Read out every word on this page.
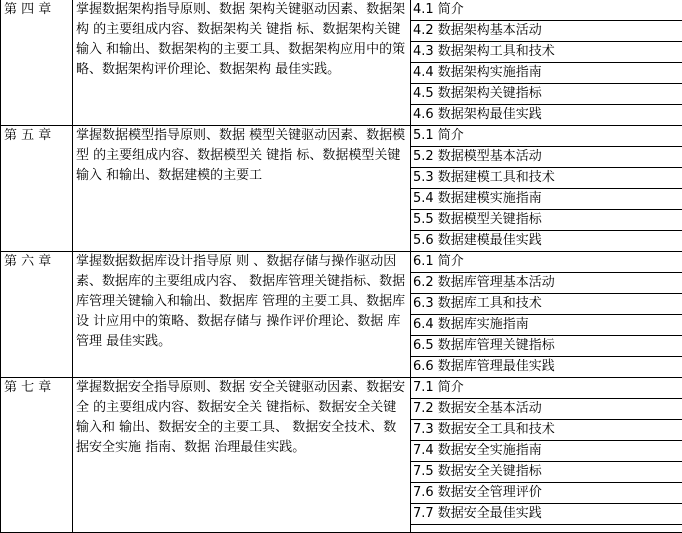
第 四 章	掌握数据架构指导原则、数据 架构关键驱动因素、数据架构 的主要组成内容、数据架构关 键指 标、数据架构关键输入 和输出、数据架构的主要工具、数据架构应用中的策略、数据架构评价理论、数据架构 最佳实践。	4.1 简介
		4.2 数据架构基本活动
		4.3 数据架构工具和技术
		4.4 数据架构实施指南
		4.5 数据架构关键指标
		4.6 数据架构最佳实践
第 五 章	掌握数据模型指导原则、数据 模型关键驱动因素、数据模型 的主要组成内容、数据模型关 键指 标、数据模型关键输入 和输出、数据建模的主要工	5.1 简介
		5.2 数据模型基本活动
		5.3 数据建模工具和技术
		5.4 数据建模实施指南
		5.5 数据模型关键指标
		5.6 数据建模最佳实践
第 六 章	掌握数据数据库设计指导原 则 、数据存储与操作驱动因素、数据库的主要组成内容、 数据库管理关键指标、数据库管理关键输入和输出、数据库 管理的主要工具、数据库设 计应用中的策略、数据存储与 操作评价理论、数据 库管理 最佳实践。	6.1 简介
		6.2 数据库管理基本活动
		6.3 数据库工具和技术
		6.4 数据库实施指南
		6.5 数据库管理关键指标
		6.6 数据库管理最佳实践
第 七 章	掌握数据安全指导原则、数据 安全关键驱动因素、数据安全 的主要组成内容、数据安全关 键指标、数据安全关键输入和 输出、数据安全的主要工具、 数据安全技术、数据安全实施 指南、数据 治理最佳实践。	7.1 简介
		7.2 数据安全基本活动
		7.3 数据安全工具和技术
		7.4 数据安全实施指南
		7.5 数据安全关键指标
		7.6 数据安全管理评价
		7.7 数据安全最佳实践
